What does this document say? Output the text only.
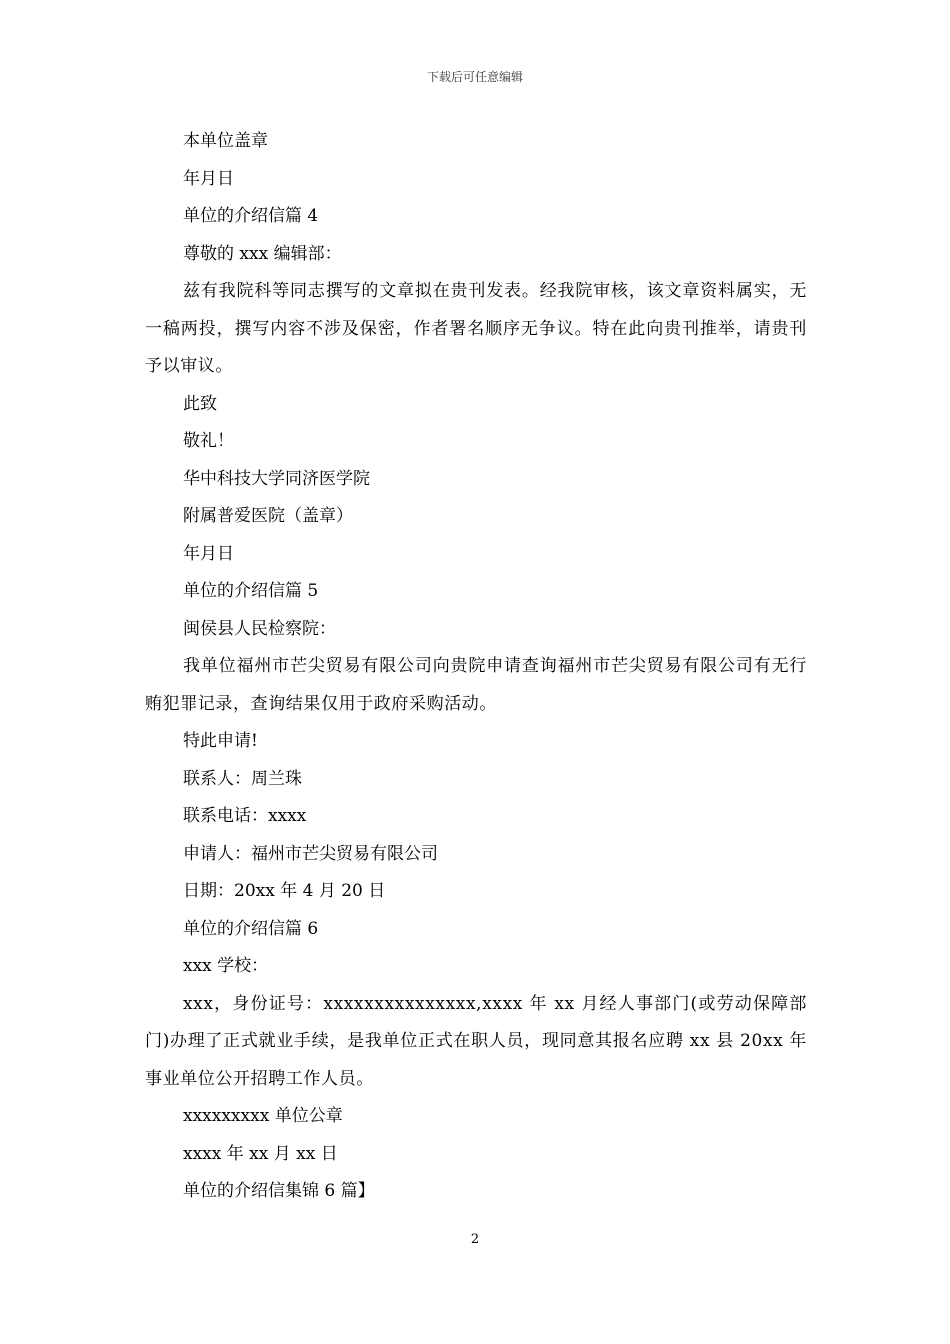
下载后可任意编辑
本单位盖章
年月日
单位的介绍信篇 4
尊敬的 xxx 编辑部：
兹有我院科等同志撰写的文章拟在贵刊发表。经我院审核，该文章资料属实，无一稿两投，撰写内容不涉及保密，作者署名顺序无争议。特在此向贵刊推举，请贵刊予以审议。
此致
敬礼！
华中科技大学同济医学院
附属普爱医院（盖章）
年月日
单位的介绍信篇 5
闽侯县人民检察院：
我单位福州市芒尖贸易有限公司向贵院申请查询福州市芒尖贸易有限公司有无行贿犯罪记录，查询结果仅用于政府采购活动。
特此申请!
联系人：周兰珠
联系电话：xxxx
申请人：福州市芒尖贸易有限公司
日期：20xx 年 4 月 20 日
单位的介绍信篇 6
xxx 学校：
xxx，身份证号：xxxxxxxxxxxxxxx,xxxx 年 xx 月经人事部门(或劳动保障部门)办理了正式就业手续，是我单位正式在职人员，现同意其报名应聘 xx 县 20xx 年事业单位公开招聘工作人员。
xxxxxxxxx 单位公章
xxxx 年 xx 月 xx 日
单位的介绍信集锦 6 篇】
2
